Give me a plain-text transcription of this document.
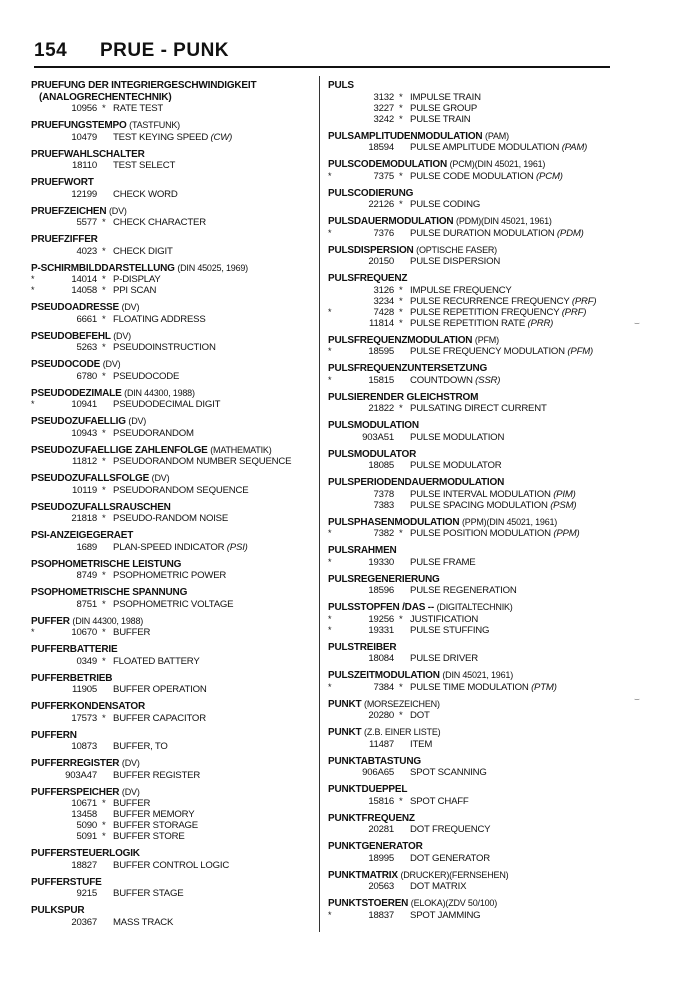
154 PRUE - PUNK
PRUEFUNG DER INTEGRIERGESCHWINDIGKEIT
(ANALOGRECHENTECHNIK)
10956 * RATE TEST
PRUEFUNGSTEMPO (TASTFUNK)
10479	TEST KEYING SPEED (CW)
PRUEFWAHLSCHALTER
18110	TEST SELECT
PRUEFWORT
12199	CHECK WORD
PRUEFZEICHEN (DV)
5577 * CHECK CHARACTER
PRUEFZIFFER
4023 * CHECK DIGIT
P-SCHIRMBILDDARSTELLUNG (DIN 45025, 1969)
*	14014 * P-DISPLAY
*	14058 * PPI SCAN
PSEUDOADRESSE (DV)
6661 * FLOATING ADDRESS
PSEUDOBEFEHL (DV)
5263 * PSEUDOINSTRUCTION
PSEUDOCODE (DV)
6780 * PSEUDOCODE
PSEUDODEZIMALE (DIN 44300, 1988)
*	10941	PSEUDODECIMAL DIGIT
PSEUDOZUFAELLIG (DV)
10943 * PSEUDORANDOM
PSEUDOZUFAELLIGE ZAHLENFOLGE (MATHEMATIK)
11812 * PSEUDORANDOM NUMBER SEQUENCE
PSEUDOZUFALLSFOLGE (DV)
10119 * PSEUDORANDOM SEQUENCE
PSEUDOZUFALLSRAUSCHEN
21818 * PSEUDO-RANDOM NOISE
PSI-ANZEIGEGERAET
1689	PLAN-SPEED INDICATOR (PSI)
PSOPHOMETRISCHE LEISTUNG
8749 * PSOPHOMETRIC POWER
PSOPHOMETRISCHE SPANNUNG
8751 * PSOPHOMETRIC VOLTAGE
PUFFER (DIN 44300, 1988)
*	10670 * BUFFER
PUFFERBATTERIE
0349 * FLOATED BATTERY
PUFFERBETRIEB
11905	BUFFER OPERATION
PUFFERKONDENSATOR
17573 * BUFFER CAPACITOR
PUFFERN
10873	BUFFER, TO
PUFFERREGISTER (DV)
903A47	BUFFER REGISTER
PUFFERSPEICHER (DV)
10671 * BUFFER
13458	BUFFER MEMORY
5090 * BUFFER STORAGE
5091 * BUFFER STORE
PUFFERSTEUERLOGIK
18827	BUFFER CONTROL LOGIC
PUFFERSTUFE
9215	BUFFER STAGE
PULKSPUR
20367	MASS TRACK
PULS
3132 * IMPULSE TRAIN
3227 * PULSE GROUP
3242 * PULSE TRAIN
PULSAMPLITUDENMODULATION (PAM)
18594	PULSE AMPLITUDE MODULATION (PAM)
PULSCODEMODULATION (PCM)(DIN 45021, 1961)
*	7375 * PULSE CODE MODULATION (PCM)
PULSCODIERUNG
22126 * PULSE CODING
PULSDAUERMODULATION (PDM)(DIN 45021, 1961)
*	7376	PULSE DURATION MODULATION (PDM)
PULSDISPERSION (OPTISCHE FASER)
20150	PULSE DISPERSION
PULSFREQUENZ
3126 * IMPULSE FREQUENCY
3234 * PULSE RECURRENCE FREQUENCY (PRF)
*	7428 * PULSE REPETITION FREQUENCY (PRF)
11814 * PULSE REPETITION RATE (PRR)
PULSFREQUENZMODULATION (PFM)
*	18595	PULSE FREQUENCY MODULATION (PFM)
PULSFREQUENZUNTERSETZUNG
*	15815	COUNTDOWN (SSR)
PULSIERENDER GLEICHSTROM
21822 * PULSATING DIRECT CURRENT
PULSMODULATION
903A51	PULSE MODULATION
PULSMODULATOR
18085	PULSE MODULATOR
PULSPERIODENDAUERMODULATION
7378	PULSE INTERVAL MODULATION (PIM)
7383	PULSE SPACING MODULATION (PSM)
PULSPHASENMODULATION (PPM)(DIN 45021, 1961)
*	7382 * PULSE POSITION MODULATION (PPM)
PULSRAHMEN
*	19330	PULSE FRAME
PULSREGENERIERUNG
18596	PULSE REGENERATION
PULSSTOPFEN /DAS -- (DIGITALTECHNIK)
*	19256 * JUSTIFICATION
*	19331	PULSE STUFFING
PULSTREIBER
18084	PULSE DRIVER
PULSZEITMODULATION (DIN 45021, 1961)
*	7384 * PULSE TIME MODULATION (PTM)
PUNKT (MORSEZEICHEN)
20280 * DOT
PUNKT (Z.B. EINER LISTE)
11487	ITEM
PUNKTABTASTUNG
906A65	SPOT SCANNING
PUNKTDUEPPEL
15816 * SPOT CHAFF
PUNKTFREQUENZ
20281	DOT FREQUENCY
PUNKTGENERATOR
18995	DOT GENERATOR
PUNKTMATRIX (DRUCKER)(FERNSEHEN)
20563	DOT MATRIX
PUNKTSTOEREN (ELOKA)(ZDV 50/100)
*	18837	SPOT JAMMING
⌣
⌣
